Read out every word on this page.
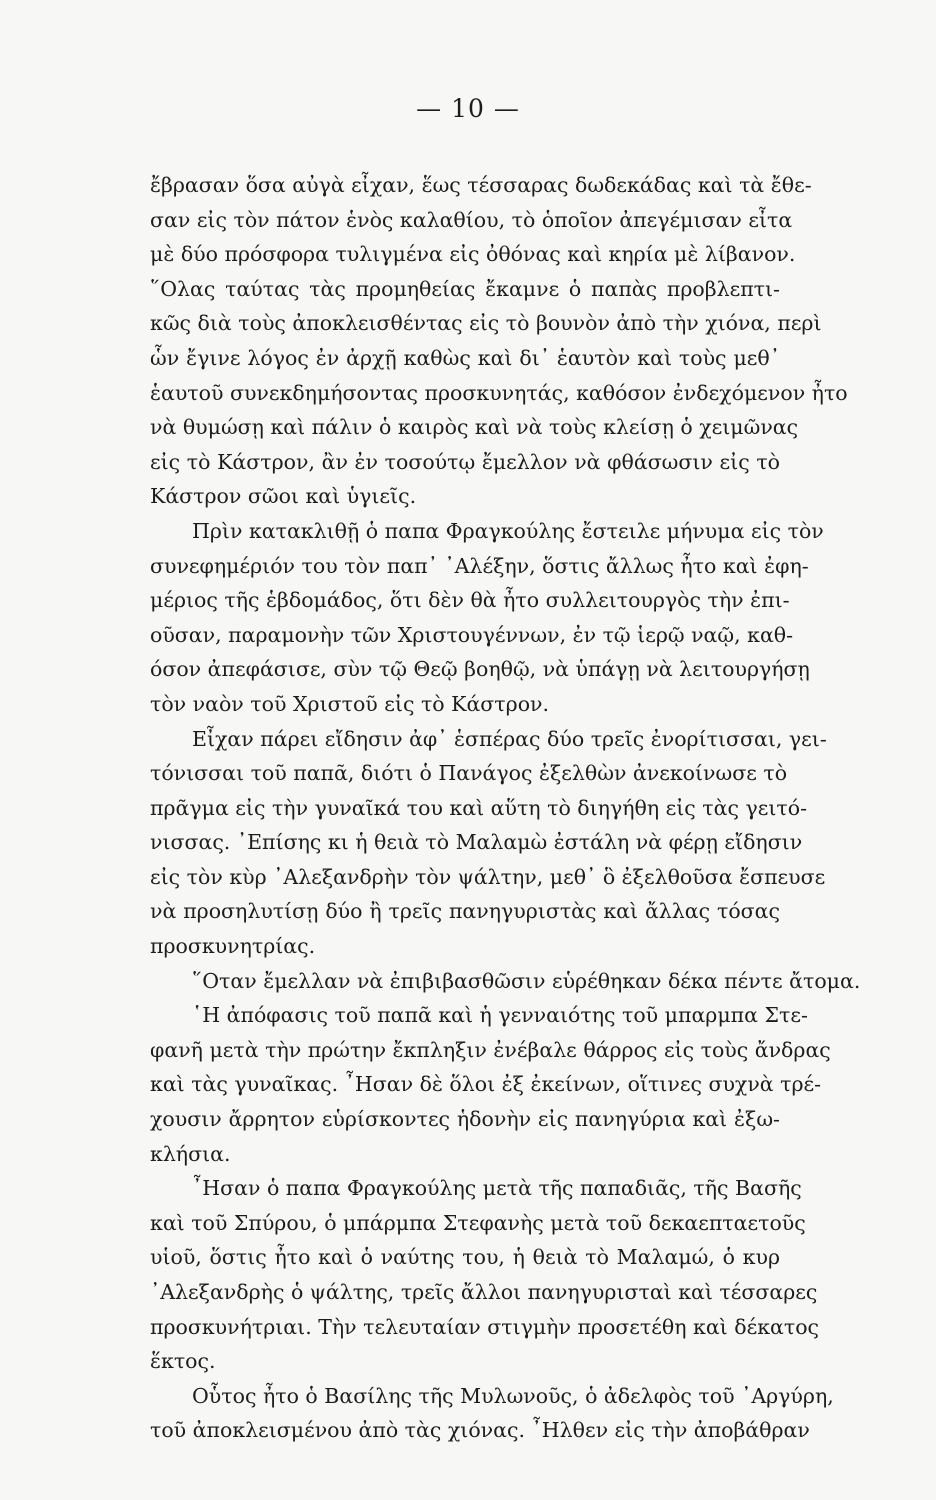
— 10 —
ἔβρασαν ὅσα αὐγὰ εἶχαν, ἕως τέσσαρας δωδεκάδας καὶ τὰ ἔθε-
σαν εἰς τὸν πάτον ἑνὸς καλαθίου, τὸ ὁποῖον ἀπεγέμισαν εἶτα
μὲ δύο πρόσφορα τυλιγμένα εἰς ὀθόνας καὶ κηρία μὲ λίβανον.
῞Ολας ταύτας τὰς προμηθείας ἔκαμνε ὁ παπὰς προβλεπτι-
κῶς διὰ τοὺς ἀποκλεισθέντας εἰς τὸ βουνὸν ἀπὸ τὴν χιόνα, περὶ
ὧν ἔγινε λόγος ἐν ἀρχῇ καθὼς καὶ δι᾽ ἑαυτὸν καὶ τοὺς μεθ᾽
ἑαυτοῦ συνεκδημήσοντας προσκυνητάς, καθόσον ἐνδεχόμενον ἦτο
νὰ θυμώσῃ καὶ πάλιν ὁ καιρὸς καὶ νὰ τοὺς κλείσῃ ὁ χειμῶνας
εἰς τὸ Κάστρον, ἂν ἐν τοσούτῳ ἔμελλον νὰ φθάσωσιν εἰς τὸ
Κάστρον σῶοι καὶ ὑγιεῖς.
Πρὶν κατακλιθῇ ὁ παπα Φραγκούλης ἔστειλε μήνυμα εἰς τὸν
συνεφημέριόν του τὸν παπ᾽ ᾿Αλέξην, ὅστις ἄλλως ἦτο καὶ ἐφη-
μέριος τῆς ἑβδομάδος, ὅτι δὲν θὰ ἦτο συλλειτουργὸς τὴν ἐπι-
οῦσαν, παραμονὴν τῶν Χριστουγέννων, ἐν τῷ ἱερῷ ναῷ, καθ-
όσον ἀπεφάσισε, σὺν τῷ Θεῷ βοηθῷ, νὰ ὑπάγῃ νὰ λειτουργήσῃ
τὸν ναὸν τοῦ Χριστοῦ εἰς τὸ Κάστρον.
Εἶχαν πάρει εἴδησιν ἀφ᾽ ἑσπέρας δύο τρεῖς ἐνορίτισσαι, γει-
τόνισσαι τοῦ παπᾶ, διότι ὁ Πανάγος ἐξελθὼν ἀνεκοίνωσε τὸ
πρᾶγμα εἰς τὴν γυναῖκά του καὶ αὕτη τὸ διηγήθη εἰς τὰς γειτό-
νισσας. ᾿Επίσης κι ἡ θειὰ τὸ Μαλαμὼ ἐστάλη νὰ φέρῃ εἴδησιν
εἰς τὸν κὺρ ᾿Αλεξανδρὴν τὸν ψάλτην, μεθ᾽ ὃ ἐξελθοῦσα ἔσπευσε
νὰ προσηλυτίσῃ δύο ἢ τρεῖς πανηγυριστὰς καὶ ἄλλας τόσας
προσκυνητρίας.
῞Οταν ἔμελλαν νὰ ἐπιβιβασθῶσιν εὑρέθηκαν δέκα πέντε ἄτομα.
῾Η ἀπόφασις τοῦ παπᾶ καὶ ἡ γενναιότης τοῦ μπαρμπα Στε-
φανῆ μετὰ τὴν πρώτην ἔκπληξιν ἐνέβαλε θάρρος εἰς τοὺς ἄνδρας
καὶ τὰς γυναῖκας. ῏Ησαν δὲ ὅλοι ἐξ ἐκείνων, οἵτινες συχνὰ τρέ-
χουσιν ἄρρητον εὑρίσκοντες ἡδονὴν εἰς πανηγύρια καὶ ἐξω-
κλήσια.
῏Ησαν ὁ παπα Φραγκούλης μετὰ τῆς παπαδιᾶς, τῆς Βασῆς
καὶ τοῦ Σπύρου, ὁ μπάρμπα Στεφανὴς μετὰ τοῦ δεκαεπταετοῦς
υἱοῦ, ὅστις ἦτο καὶ ὁ ναύτης του, ἡ θειὰ τὸ Μαλαμώ, ὁ κυρ
᾿Αλεξανδρὴς ὁ ψάλτης, τρεῖς ἄλλοι πανηγυρισταὶ καὶ τέσσαρες
προσκυνήτριαι. Τὴν τελευταίαν στιγμὴν προσετέθη καὶ δέκατος
ἕκτος.
Οὗτος ἦτο ὁ Βασίλης τῆς Μυλωνοῦς, ὁ ἀδελφὸς τοῦ ᾿Αργύρη,
τοῦ ἀποκλεισμένου ἀπὸ τὰς χιόνας. ῏Ηλθεν εἰς τὴν ἀποβάθραν
